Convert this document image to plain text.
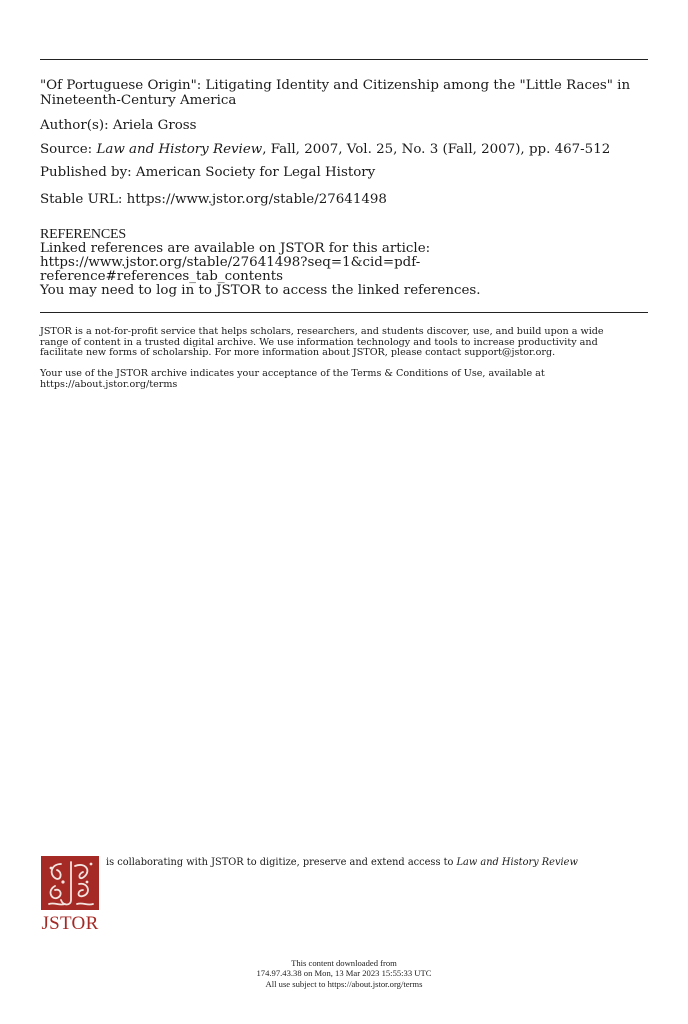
"Of Portuguese Origin": Litigating Identity and Citizenship among the "Little Races" in Nineteenth-Century America
Author(s): Ariela Gross
Source: Law and History Review, Fall, 2007, Vol. 25, No. 3 (Fall, 2007), pp. 467-512
Published by: American Society for Legal History
Stable URL: https://www.jstor.org/stable/27641498
REFERENCES
Linked references are available on JSTOR for this article:
https://www.jstor.org/stable/27641498?seq=1&cid=pdf-
reference#references_tab_contents
You may need to log in to JSTOR to access the linked references.
JSTOR is a not-for-profit service that helps scholars, researchers, and students discover, use, and build upon a wide
range of content in a trusted digital archive. We use information technology and tools to increase productivity and
facilitate new forms of scholarship. For more information about JSTOR, please contact support@jstor.org.
Your use of the JSTOR archive indicates your acceptance of the Terms & Conditions of Use, available at
https://about.jstor.org/terms
JSTOR
is collaborating with JSTOR to digitize, preserve and extend access to Law and History Review
This content downloaded from
174.97.43.38 on Mon, 13 Mar 2023 15:55:33 UTC
All use subject to https://about.jstor.org/terms
